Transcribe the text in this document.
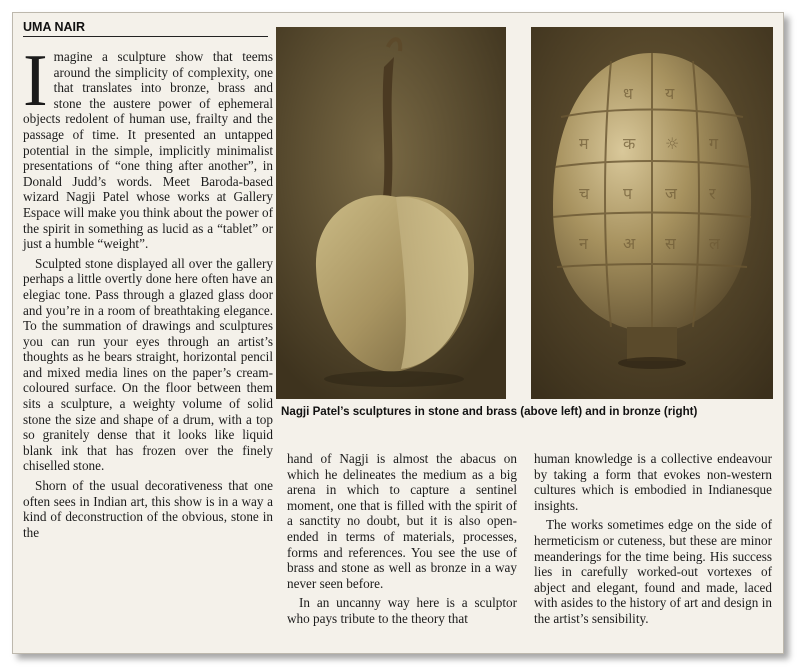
UMA NAIR

Imagine a sculpture show that teems around the simplicity of complexity, one that translates into bronze, brass and stone the austere power of ephemeral objects redolent of human use, frailty and the passage of time. It presented an untapped potential in the simple, implicitly minimalist presentations of “one thing after another”, in Donald Judd’s words. Meet Baroda-based wizard Nagji Patel whose works at Gallery Espace will make you think about the power of the spirit in something as lucid as a “tablet” or just a humble “weight”.

Sculpted stone displayed all over the gallery perhaps a little overtly done here often have an elegiac tone. Pass through a glazed glass door and you’re in a room of breathtaking elegance. To the summation of drawings and sculptures you can run your eyes through an artist’s thoughts as he bears straight, horizontal pencil and mixed media lines on the paper’s cream-coloured surface. On the floor between them sits a sculpture, a weighty volume of solid stone the size and shape of a drum, with a top so granitely dense that it looks like liquid blank ink that has frozen over the finely chiselled stone.

Shorn of the usual decorativeness that one often sees in Indian art, this show is in a way a kind of deconstruction of the obvious, stone in the

ध य
म क ☼ ग
च प ज र
न अ स ल
Nagji Patel’s sculptures in stone and brass (above left) and in bronze (right)

hand of Nagji is almost the abacus on which he delineates the medium as a big arena in which to capture a sentinel moment, one that is filled with the spirit of a sanctity no doubt, but it is also open-ended in terms of materials, processes, forms and references. You see the use of brass and stone as well as bronze in a way never seen before.

In an uncanny way here is a sculptor who pays tribute to the theory that

human knowledge is a collective endeavour by taking a form that evokes non-western cultures which is embodied in Indianesque insights.

The works sometimes edge on the side of hermeticism or cuteness, but these are minor meanderings for the time being. His success lies in carefully worked-out vortexes of abject and elegant, found and made, laced with asides to the history of art and design in the artist’s sensibility.
